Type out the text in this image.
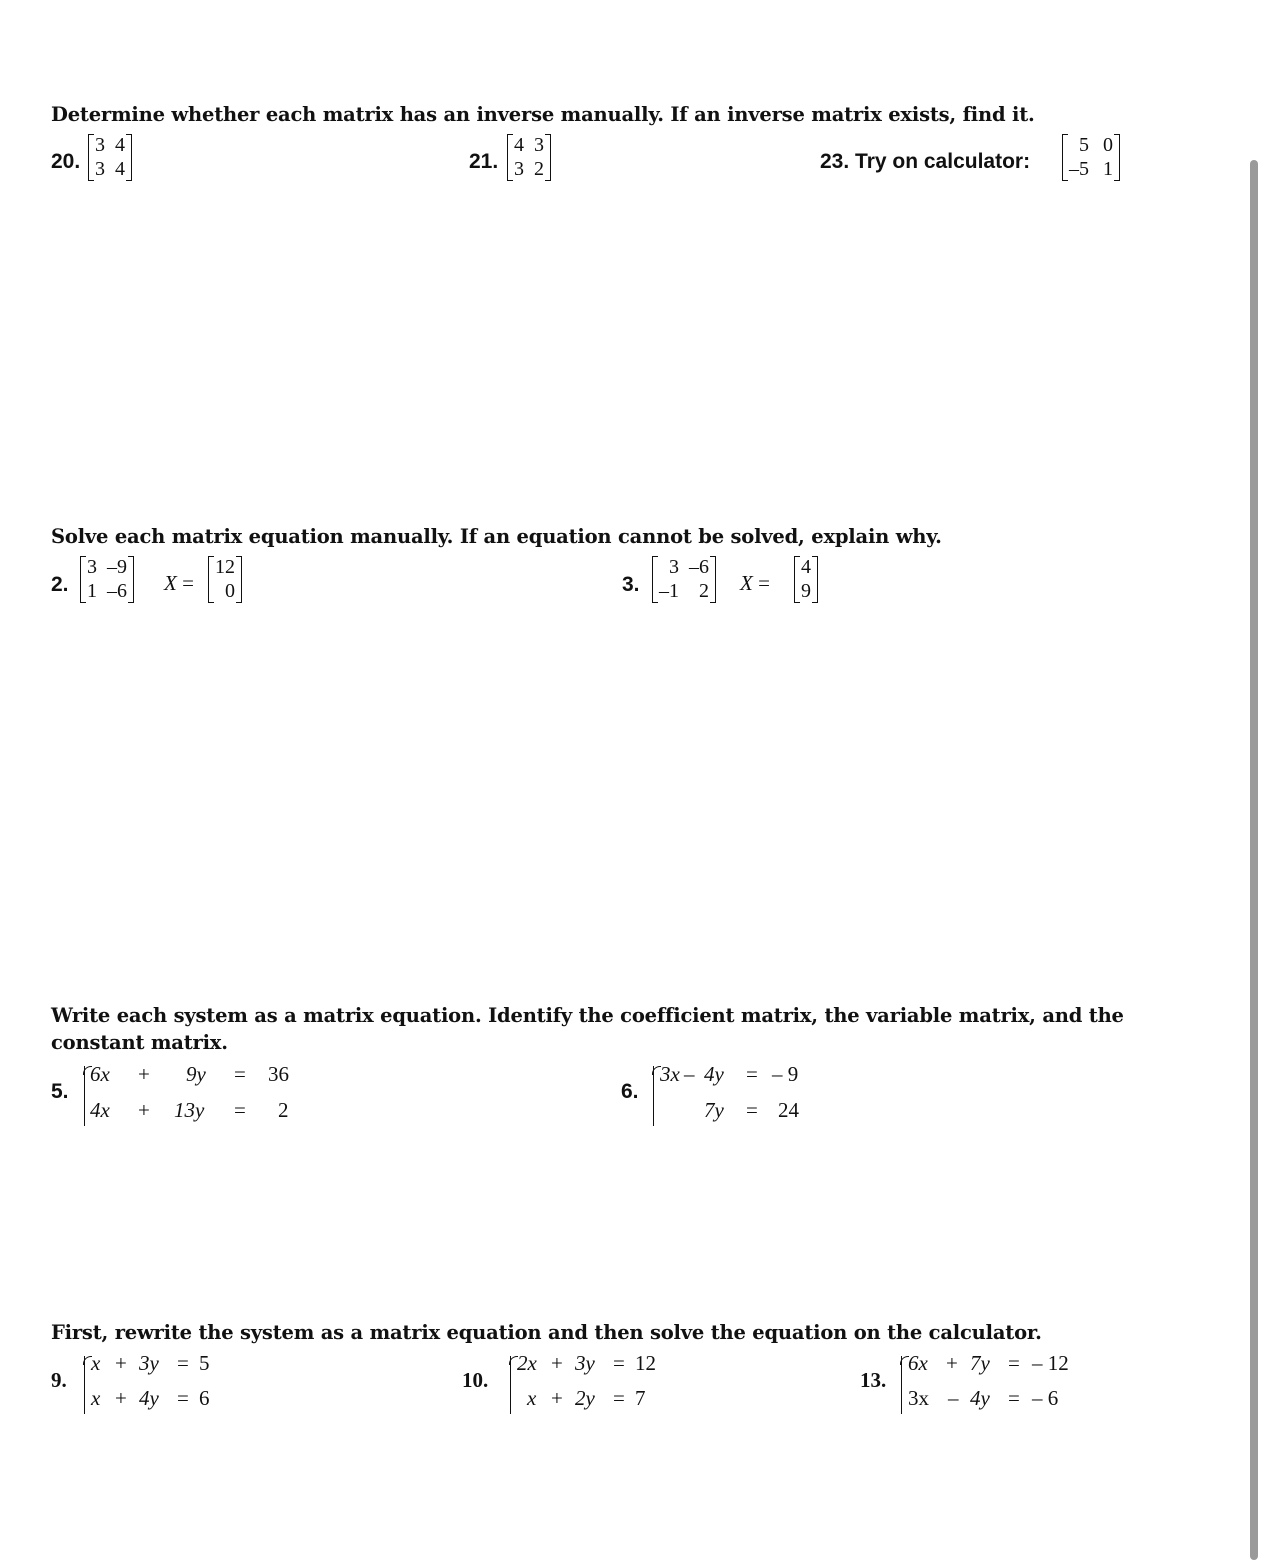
Determine whether each matrix has an inverse manually. If an inverse matrix exists, find it.
20.
3 4
3 4	21.
4 3
3 2	23. Try on calculator:
5 0
–5 1
Solve each matrix equation manually. If an equation cannot be solved, explain why.
2.
3 –9
1 –6 X =
12
0	3.
3 –6
–1	2 X =
4
9
Write each system as a matrix equation. Identify the coefficient matrix, the variable matrix, and the
constant matrix.
5.
6x + 9y = 36
4x + 13y = 2
6.
3x – 4y = – 9
7y = 24
First, rewrite the system as a matrix equation and then solve the equation on the calculator.
9.
x + 3y = 5
x + 4y = 6
10.
2x + 3y = 12
x + 2y = 7
13.
6x + 7y = – 12
3x – 4y = – 6
